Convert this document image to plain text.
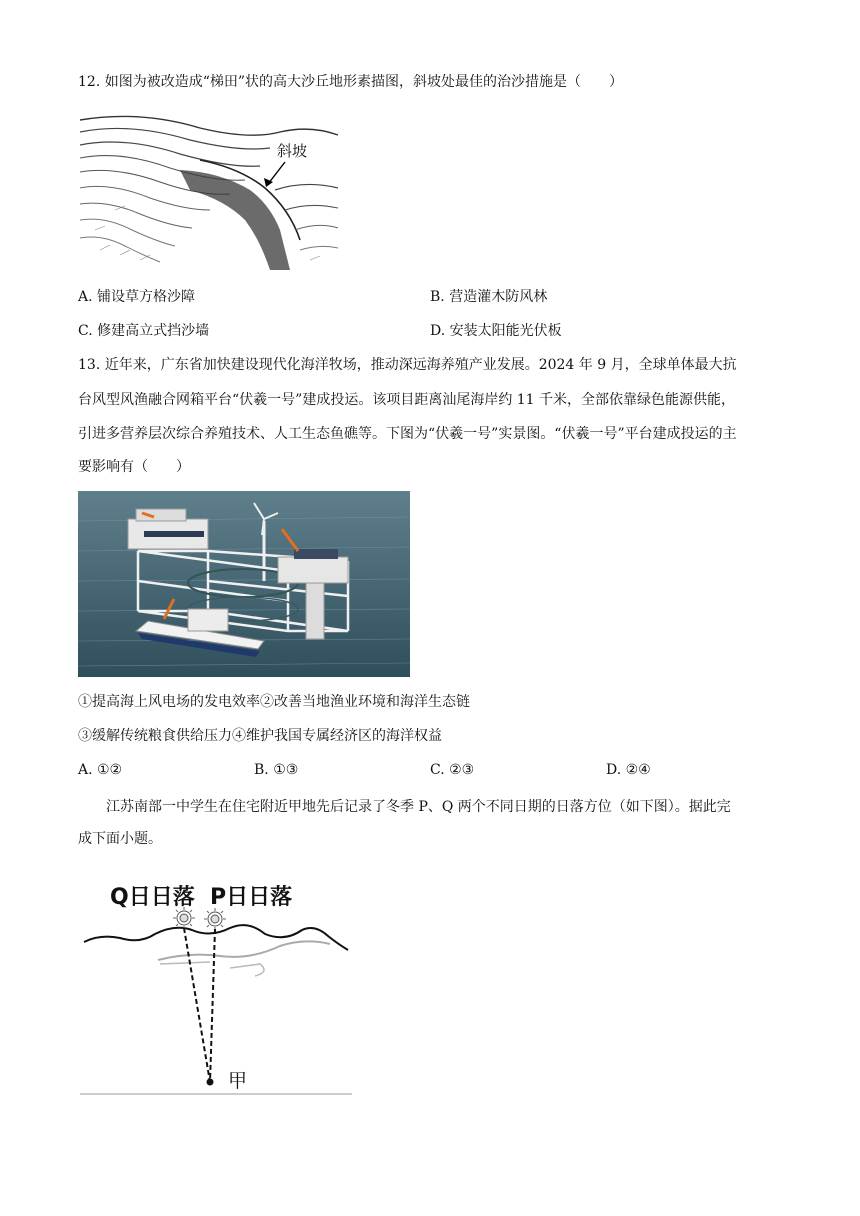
12. 如图为被改造成“梯田”状的高大沙丘地形素描图，斜坡处最佳的治沙措施是（　　）
斜坡
A. 铺设草方格沙障	B. 营造灌木防风林
C. 修建高立式挡沙墙	D. 安装太阳能光伏板
13. 近年来，广东省加快建设现代化海洋牧场，推动深远海养殖产业发展。2024 年 9 月，全球单体最大抗
台风型风渔融合网箱平台“伏羲一号”建成投运。该项目距离汕尾海岸约 11 千米，全部依靠绿色能源供能，
引进多营养层次综合养殖技术、人工生态鱼礁等。下图为“伏羲一号”实景图。“伏羲一号”平台建成投运的主
要影响有（　　）
①提高海上风电场的发电效率②改善当地渔业环境和海洋生态链
③缓解传统粮食供给压力④维护我国专属经济区的海洋权益
A. ①②	B. ①③	C. ②③	D. ②④
江苏南部一中学生在住宅附近甲地先后记录了冬季 P、Q 两个不同日期的日落方位（如下图）。据此完
成下面小题。
Q日日落 P日日落
甲
